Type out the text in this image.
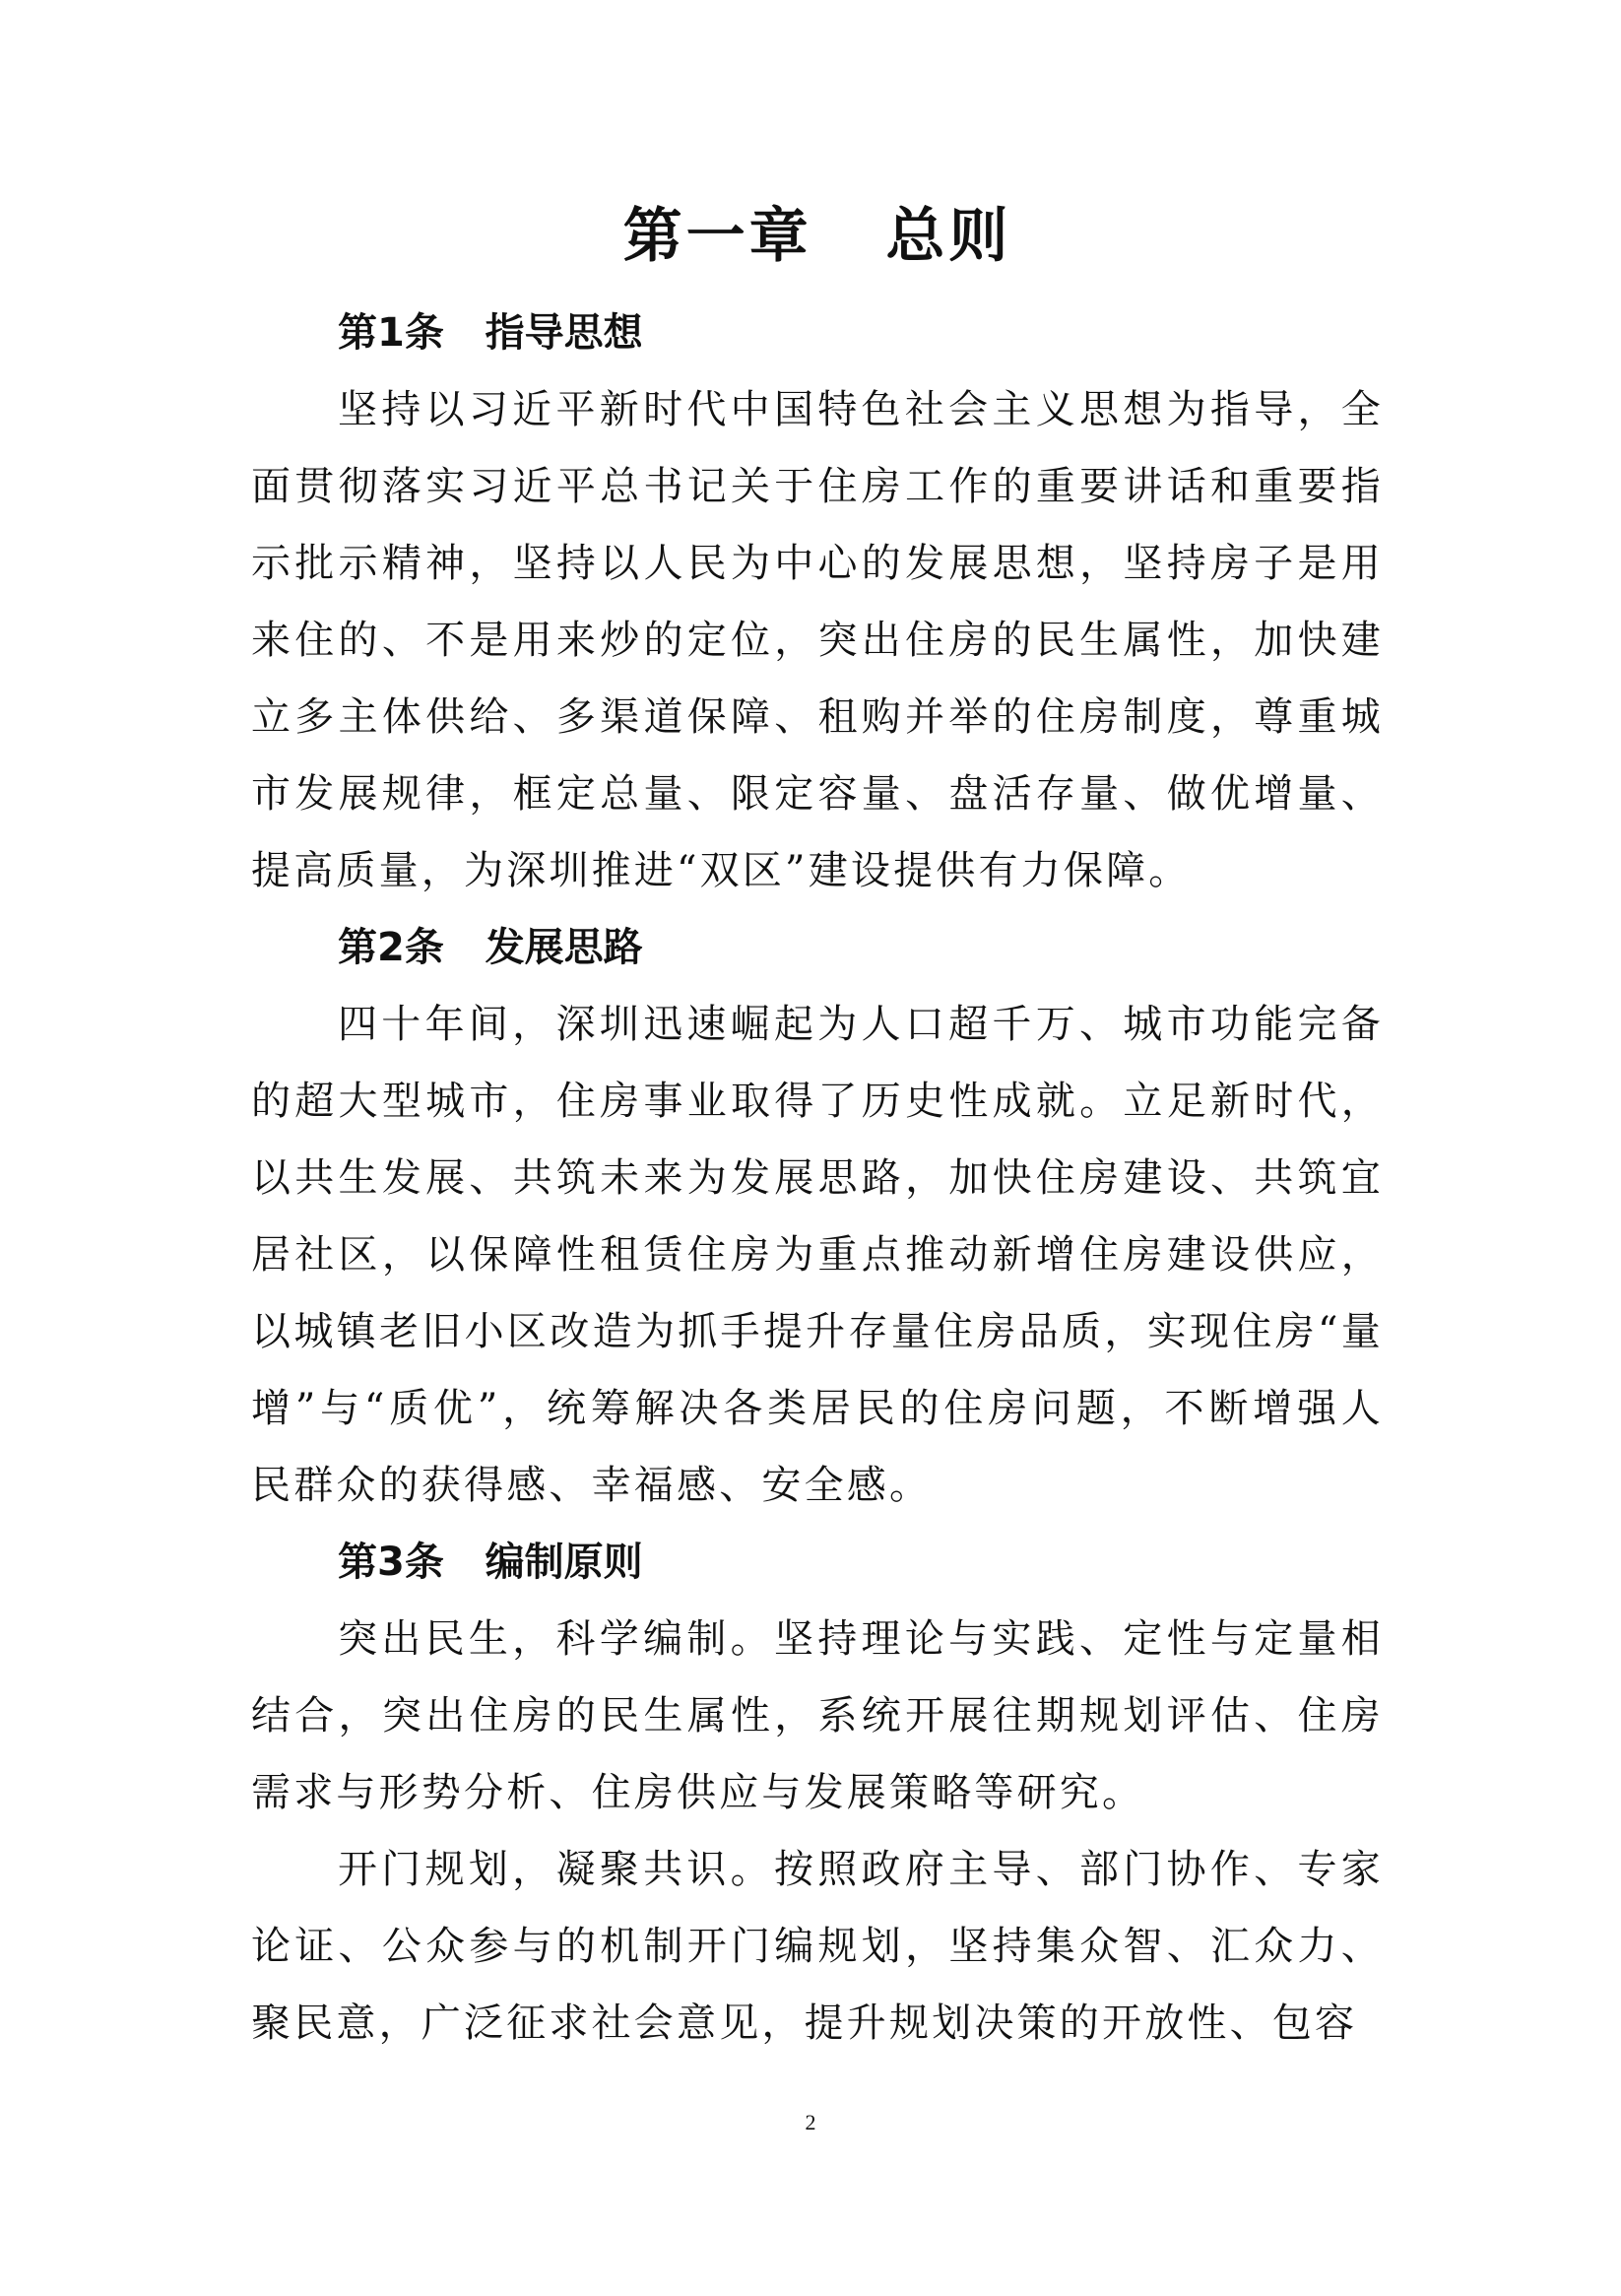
第一章   总则
第1条   指导思想

坚持以习近平新时代中国特色社会主义思想为指导，全面贯彻落实习近平总书记关于住房工作的重要讲话和重要指示批示精神，坚持以人民为中心的发展思想，坚持房子是用来住的、不是用来炒的定位，突出住房的民生属性，加快建立多主体供给、多渠道保障、租购并举的住房制度，尊重城市发展规律，框定总量、限定容量、盘活存量、做优增量、提高质量，为深圳推进“双区”建设提供有力保障。

第2条   发展思路

四十年间，深圳迅速崛起为人口超千万、城市功能完备的超大型城市，住房事业取得了历史性成就。立足新时代，以共生发展、共筑未来为发展思路，加快住房建设、共筑宜居社区，以保障性租赁住房为重点推动新增住房建设供应，以城镇老旧小区改造为抓手提升存量住房品质，实现住房“量增”与“质优”，统筹解决各类居民的住房问题，不断增强人民群众的获得感、幸福感、安全感。

第3条   编制原则

突出民生，科学编制。坚持理论与实践、定性与定量相结合，突出住房的民生属性，系统开展往期规划评估、住房需求与形势分析、住房供应与发展策略等研究。

开门规划，凝聚共识。按照政府主导、部门协作、专家论证、公众参与的机制开门编规划，坚持集众智、汇众力、聚民意，广泛征求社会意见，提升规划决策的开放性、包容

2
